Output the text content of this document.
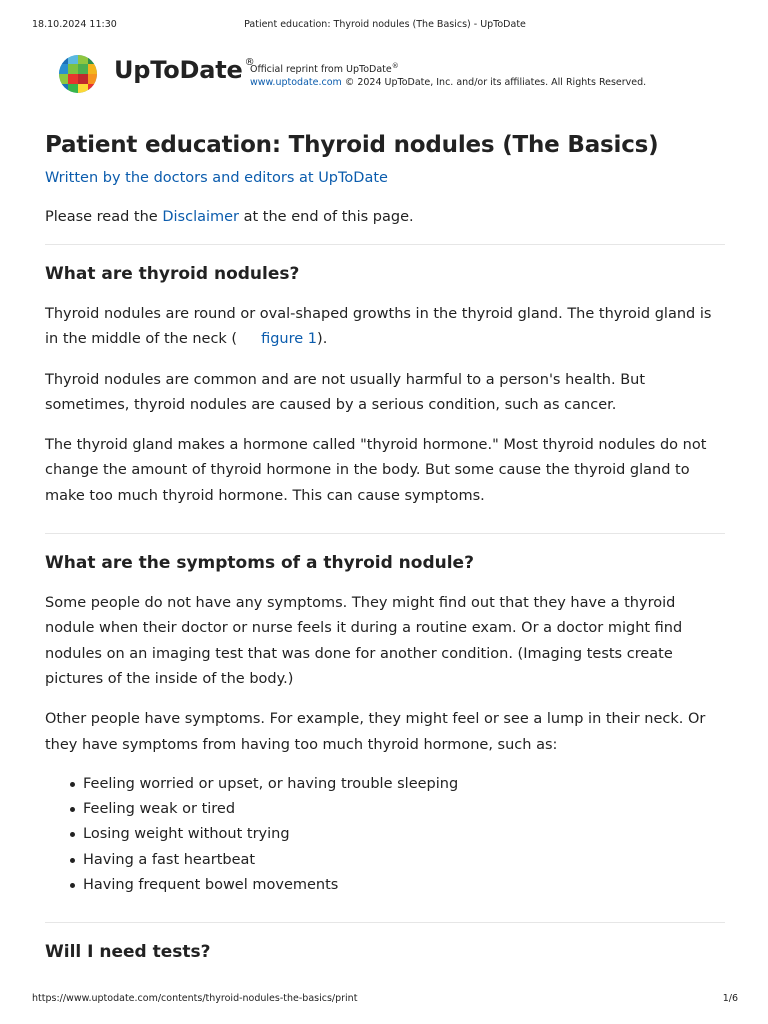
18.10.2024 11:30	Patient education: Thyroid nodules (The Basics) - UpToDate
UpToDate ®
Official reprint from UpToDate®
www.uptodate.com © 2024 UpToDate, Inc. and/or its affiliates. All Rights Reserved.
Patient education: Thyroid nodules (The Basics)
Written by the doctors and editors at UpToDate
Please read the Disclaimer at the end of this page.
What are thyroid nodules?

Thyroid nodules are round or oval-shaped growths in the thyroid gland. The thyroid gland is in the middle of the neck ( figure 1).

Thyroid nodules are common and are not usually harmful to a person's health. But sometimes, thyroid nodules are caused by a serious condition, such as cancer.

The thyroid gland makes a hormone called "thyroid hormone." Most thyroid nodules do not change the amount of thyroid hormone in the body. But some cause the thyroid gland to make too much thyroid hormone. This can cause symptoms.

What are the symptoms of a thyroid nodule?

Some people do not have any symptoms. They might find out that they have a thyroid nodule when their doctor or nurse feels it during a routine exam. Or a doctor might find nodules on an imaging test that was done for another condition. (Imaging tests create pictures of the inside of the body.)

Other people have symptoms. For example, they might feel or see a lump in their neck. Or they have symptoms from having too much thyroid hormone, such as:

Feeling worried or upset, or having trouble sleeping
Feeling weak or tired
Losing weight without trying
Having a fast heartbeat
Having frequent bowel movements
Will I need tests?
https://www.uptodate.com/contents/thyroid-nodules-the-basics/print	1/6
